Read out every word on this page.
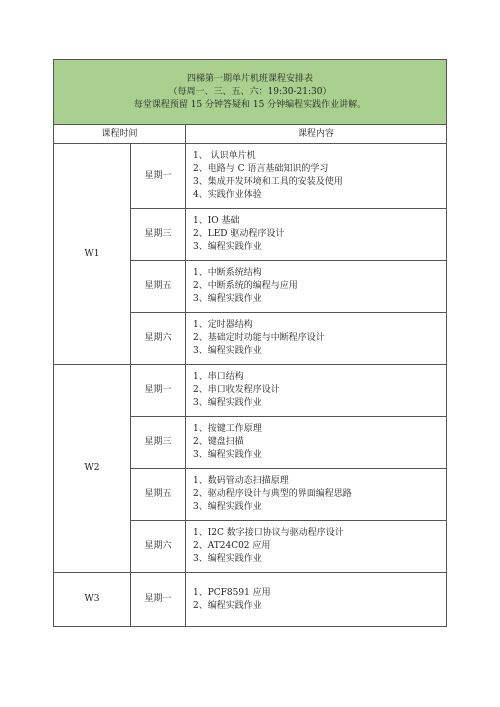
四梯第一期单片机班课程安排表
（每周一、三、五、六：19:30-21:30）
每堂课程预留 15 分钟答疑和 15 分钟编程实践作业讲解。		

课程时间		课程内容
W1	星期一	1、 认识单片机
2、电路与 C 语言基础知识的学习
3、集成开发环境和工具的安装及使用
4、实践作业体验

	星期三	1、IO 基础
2、LED 驱动程序设计
3、编程实践作业

	星期五	1、中断系统结构
2、中断系统的编程与应用
3、编程实践作业

	星期六	1、定时器结构
2、基础定时功能与中断程序设计
3、编程实践作业

W2	星期一	1、串口结构
2、串口收发程序设计
3、编程实践作业

	星期三	1、按键工作原理
2、键盘扫描
3、编程实践作业

	星期五	1、数码管动态扫描原理
2、驱动程序设计与典型的界面编程思路
3、编程实践作业

	星期六	1、I2C 数字接口协议与驱动程序设计
2、AT24C02 应用
3、编程实践作业

W3	星期一	1、PCF8591 应用
2、编程实践作业
